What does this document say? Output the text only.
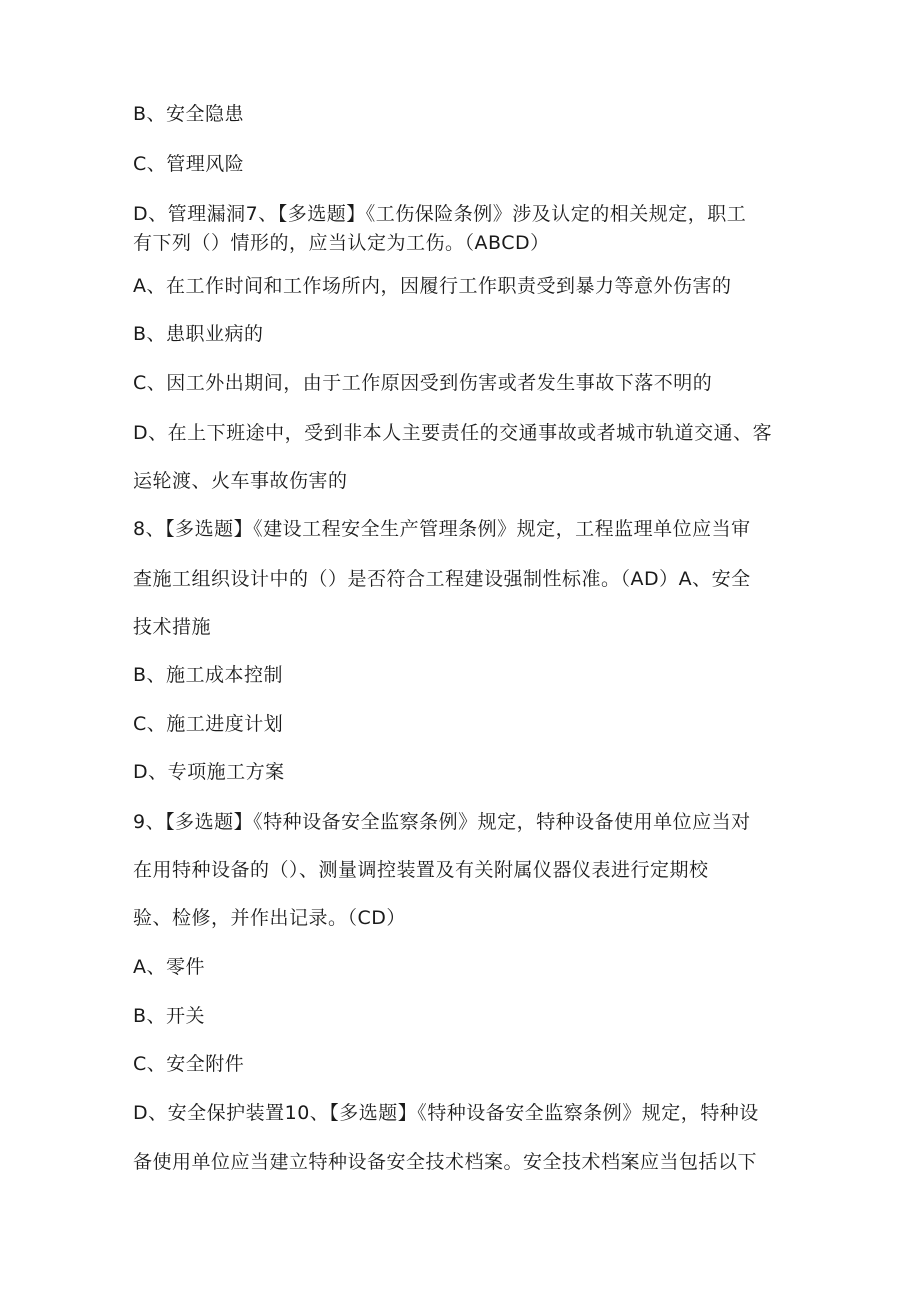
B、安全隐患
C、管理风险
D、管理漏洞7、【多选题】《工伤保险条例》涉及认定的相关规定，职工
有下列（）情形的，应当认定为工伤。（ABCD）
A、在工作时间和工作场所内，因履行工作职责受到暴力等意外伤害的
B、患职业病的
C、因工外出期间，由于工作原因受到伤害或者发生事故下落不明的
D、在上下班途中，受到非本人主要责任的交通事故或者城市轨道交通、客
运轮渡、火车事故伤害的
8、【多选题】《建设工程安全生产管理条例》规定，工程监理单位应当审
查施工组织设计中的（）是否符合工程建设强制性标准。（AD）A、安全
技术措施
B、施工成本控制
C、施工进度计划
D、专项施工方案
9、【多选题】《特种设备安全监察条例》规定，特种设备使用单位应当对
在用特种设备的（）、测量调控装置及有关附属仪器仪表进行定期校
验、检修，并作出记录。（CD）
A、零件
B、开关
C、安全附件
D、安全保护装置10、【多选题】《特种设备安全监察条例》规定，特种设
备使用单位应当建立特种设备安全技术档案。安全技术档案应当包括以下
